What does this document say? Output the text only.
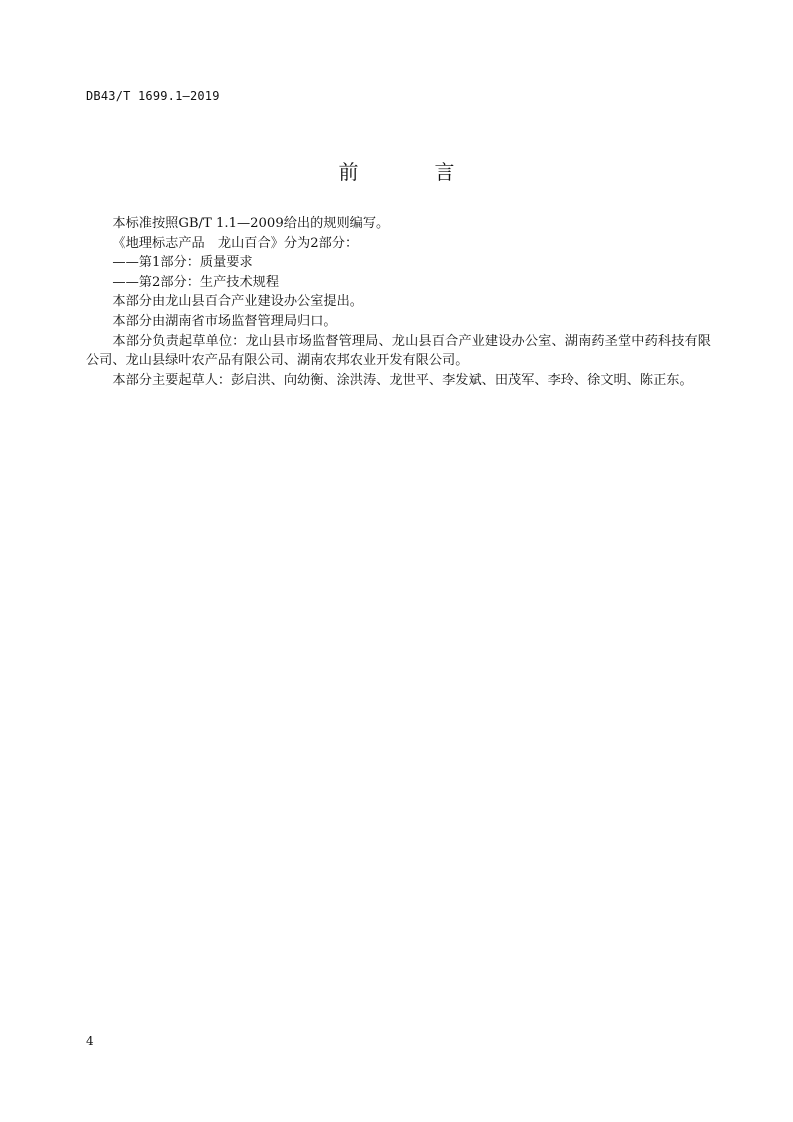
DB43/T 1699.1—2019
前　言

本标准按照GB/T 1.1—2009给出的规则编写。

《地理标志产品　龙山百合》分为2部分：

——第1部分：质量要求

——第2部分：生产技术规程

本部分由龙山县百合产业建设办公室提出。

本部分由湖南省市场监督管理局归口。

本部分负责起草单位：龙山县市场监督管理局、龙山县百合产业建设办公室、湖南药圣堂中药科技有限公司、龙山县绿叶农产品有限公司、湖南农邦农业开发有限公司。

本部分主要起草人：彭启洪、向幼衡、涂洪涛、龙世平、李发斌、田茂军、李玲、徐文明、陈正东。

4
